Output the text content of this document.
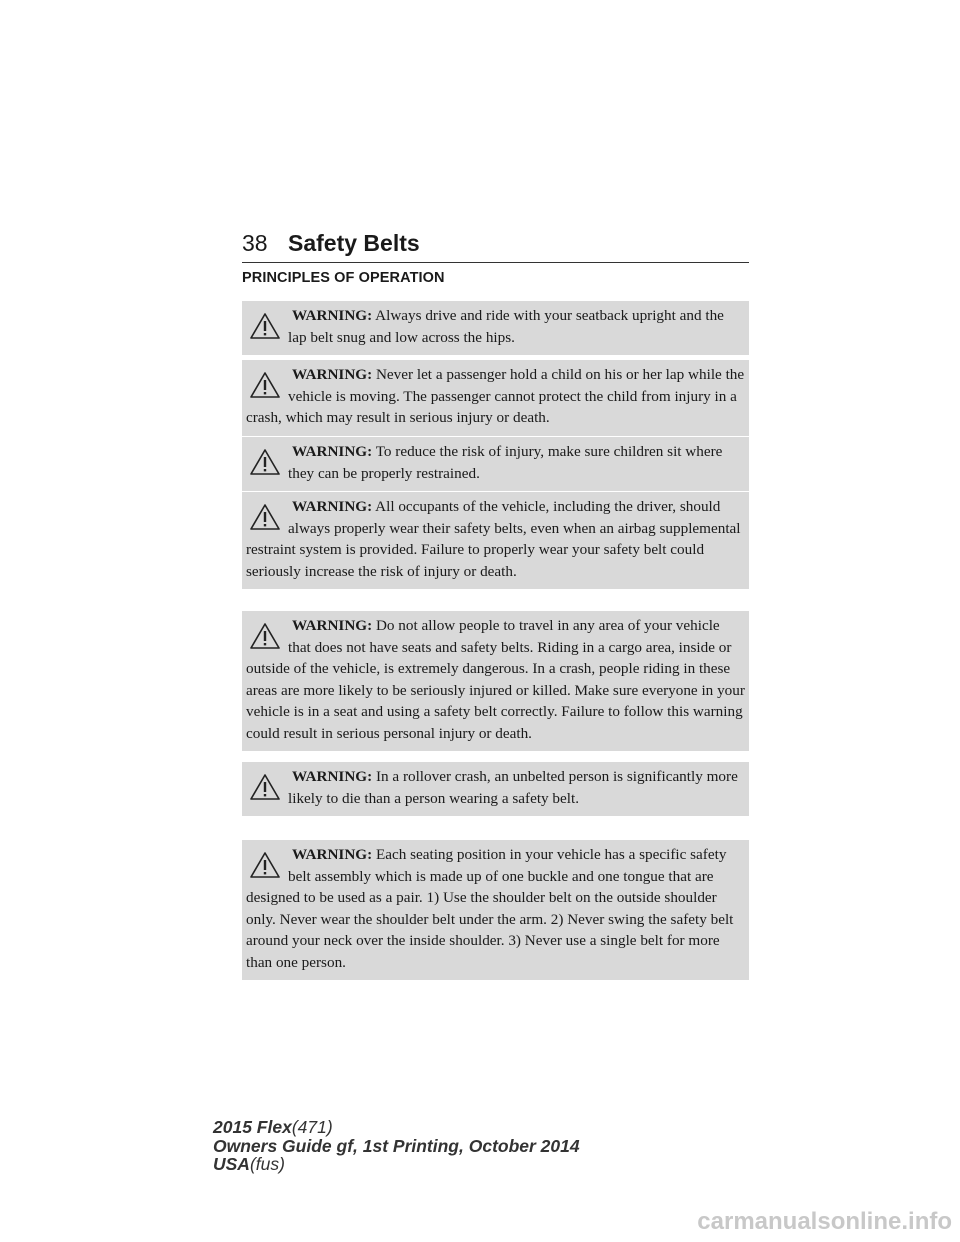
38 Safety Belts
PRINCIPLES OF OPERATION
WARNING: Always drive and ride with your seatback upright and the lap belt snug and low across the hips.
WARNING: Never let a passenger hold a child on his or her lap while the vehicle is moving. The passenger cannot protect the child from injury in a crash, which may result in serious injury or death.
WARNING: To reduce the risk of injury, make sure children sit where they can be properly restrained.
WARNING: All occupants of the vehicle, including the driver, should always properly wear their safety belts, even when an airbag supplemental restraint system is provided. Failure to properly wear your safety belt could seriously increase the risk of injury or death.
WARNING: Do not allow people to travel in any area of your vehicle that does not have seats and safety belts. Riding in a cargo area, inside or outside of the vehicle, is extremely dangerous. In a crash, people riding in these areas are more likely to be seriously injured or killed. Make sure everyone in your vehicle is in a seat and using a safety belt correctly. Failure to follow this warning could result in serious personal injury or death.
WARNING: In a rollover crash, an unbelted person is significantly more likely to die than a person wearing a safety belt.
WARNING: Each seating position in your vehicle has a specific safety belt assembly which is made up of one buckle and one tongue that are designed to be used as a pair. 1) Use the shoulder belt on the outside shoulder only. Never wear the shoulder belt under the arm. 2) Never swing the safety belt around your neck over the inside shoulder. 3) Never use a single belt for more than one person.
2015 Flex(471)
Owners Guide gf, 1st Printing, October 2014
USA(fus)
carmanualsonline.info
